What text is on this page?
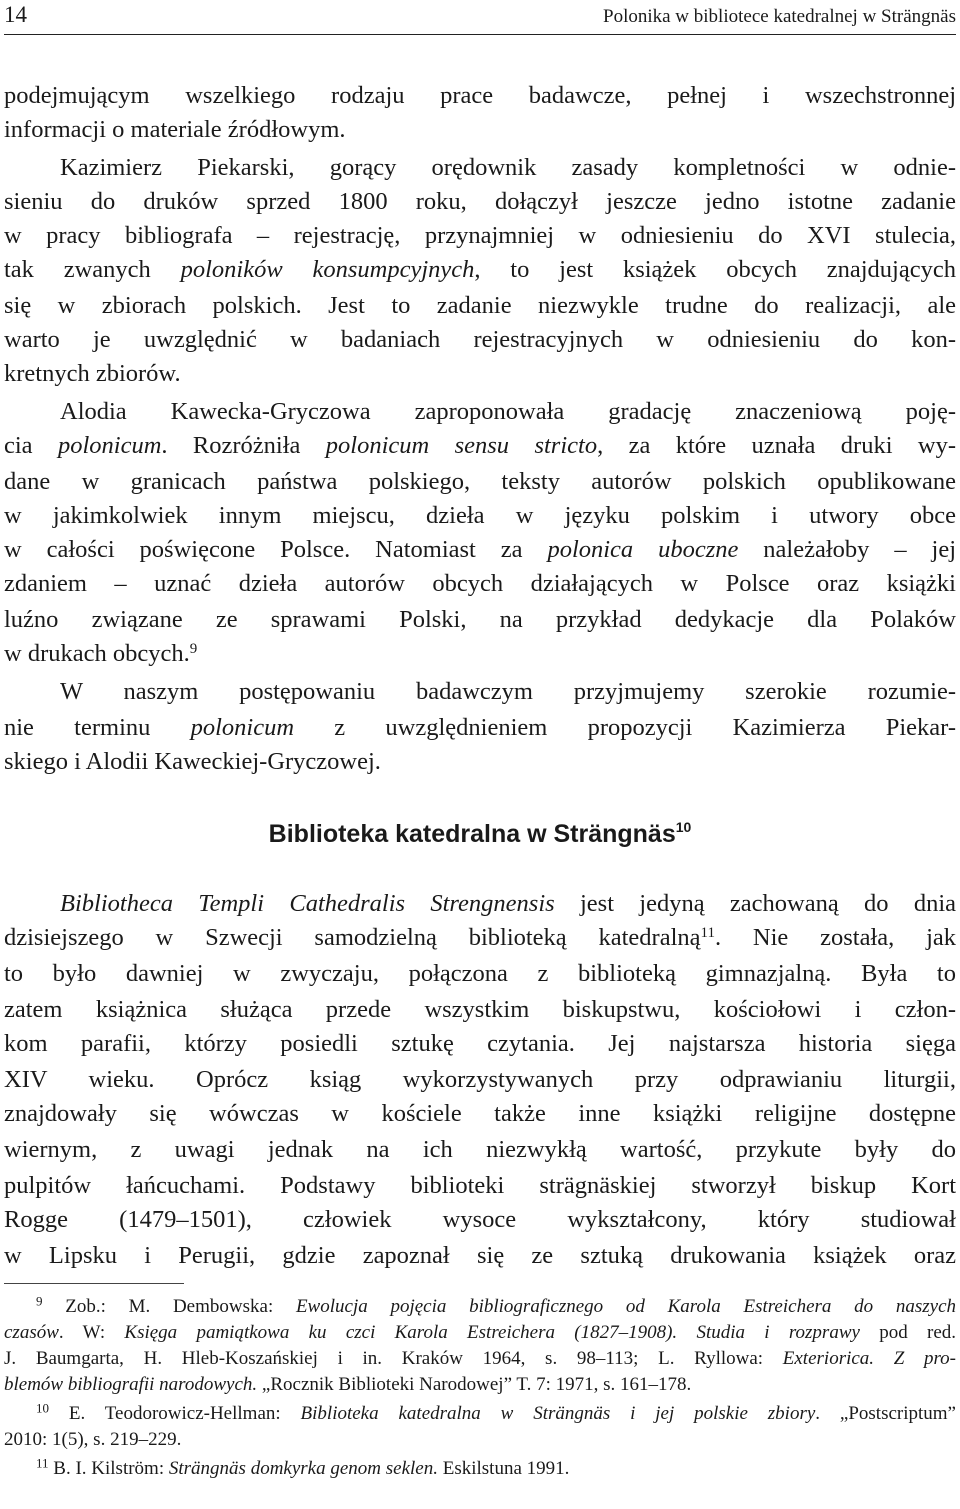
14	Polonika w bibliotece katedralnej w Strängnäs
podejmującym wszelkiego rodzaju prace badawcze, pełnej i wszechstronnej
informacji o materiale źródłowym.
Kazimierz Piekarski, gorący orędownik zasady kompletności w odnie-
sieniu do druków sprzed 1800 roku, dołączył jeszcze jedno istotne zadanie
w pracy bibliografa – rejestrację, przynajmniej w odniesieniu do XVI stulecia,
tak zwanych poloników konsumpcyjnych, to jest książek obcych znajdujących
się w zbiorach polskich. Jest to zadanie niezwykle trudne do realizacji, ale
warto je uwzględnić w badaniach rejestracyjnych w odniesieniu do kon-
kretnych zbiorów.
Alodia Kawecka-Gryczowa zaproponowała gradację znaczeniową poję-
cia polonicum. Rozróżniła polonicum sensu stricto, za które uznała druki wy-
dane w granicach państwa polskiego, teksty autorów polskich opublikowane
w jakimkolwiek innym miejscu, dzieła w języku polskim i utwory obce
w całości poświęcone Polsce. Natomiast za polonica uboczne należałoby – jej
zdaniem – uznać dzieła autorów obcych działających w Polsce oraz książki
luźno związane ze sprawami Polski, na przykład dedykacje dla Polaków
w drukach obcych.$^9$
W naszym postępowaniu badawczym przyjmujemy szerokie rozumie-
nie terminu polonicum z uwzględnieniem propozycji Kazimierza Piekar-
skiego i Alodii Kaweckiej-Gryczowej.
Biblioteka katedralna w Strängnäs$^{10}$
Bibliotheca Templi Cathedralis Strengnensis jest jedyną zachowaną do dnia
dzisiejszego w Szwecji samodzielną biblioteką katedralną$^{11}$. Nie została, jak
to było dawniej w zwyczaju, połączona z biblioteką gimnazjalną. Była to
zatem książnica służąca przede wszystkim biskupstwu, kościołowi i człon-
kom parafii, którzy posiedli sztukę czytania. Jej najstarsza historia sięga
XIV wieku. Oprócz ksiąg wykorzystywanych przy odprawianiu liturgii,
znajdowały się wówczas w kościele także inne książki religijne dostępne
wiernym, z uwagi jednak na ich niezwykłą wartość, przykute były do
pulpitów łańcuchami. Podstawy biblioteki strägnäskiej stworzył biskup Kort
Rogge (1479–1501), człowiek wysoce wykształcony, który studiował
w Lipsku i Perugii, gdzie zapoznał się ze sztuką drukowania książek oraz
$^9$ Zob.: M. Dembowska: Ewolucja pojęcia bibliograficznego od Karola Estreichera do naszych
czasów. W: Księga pamiątkowa ku czci Karola Estreichera (1827–1908). Studia i rozprawy pod red.
J. Baumgarta, H. Hleb-Koszańskiej i in. Kraków 1964, s. 98–113; L. Ryllowa: Exteriorica. Z pro-
blemów bibliografii narodowych. „Rocznik Biblioteki Narodowej” T. 7: 1971, s. 161–178.
$^{10}$ E. Teodorowicz-Hellman: Biblioteka katedralna w Strängnäs i jej polskie zbiory. „Postscriptum”
2010: 1(5), s. 219–229.
$^{11}$ B. I. Kilström: Strängnäs domkyrka genom seklen. Eskilstuna 1991.
